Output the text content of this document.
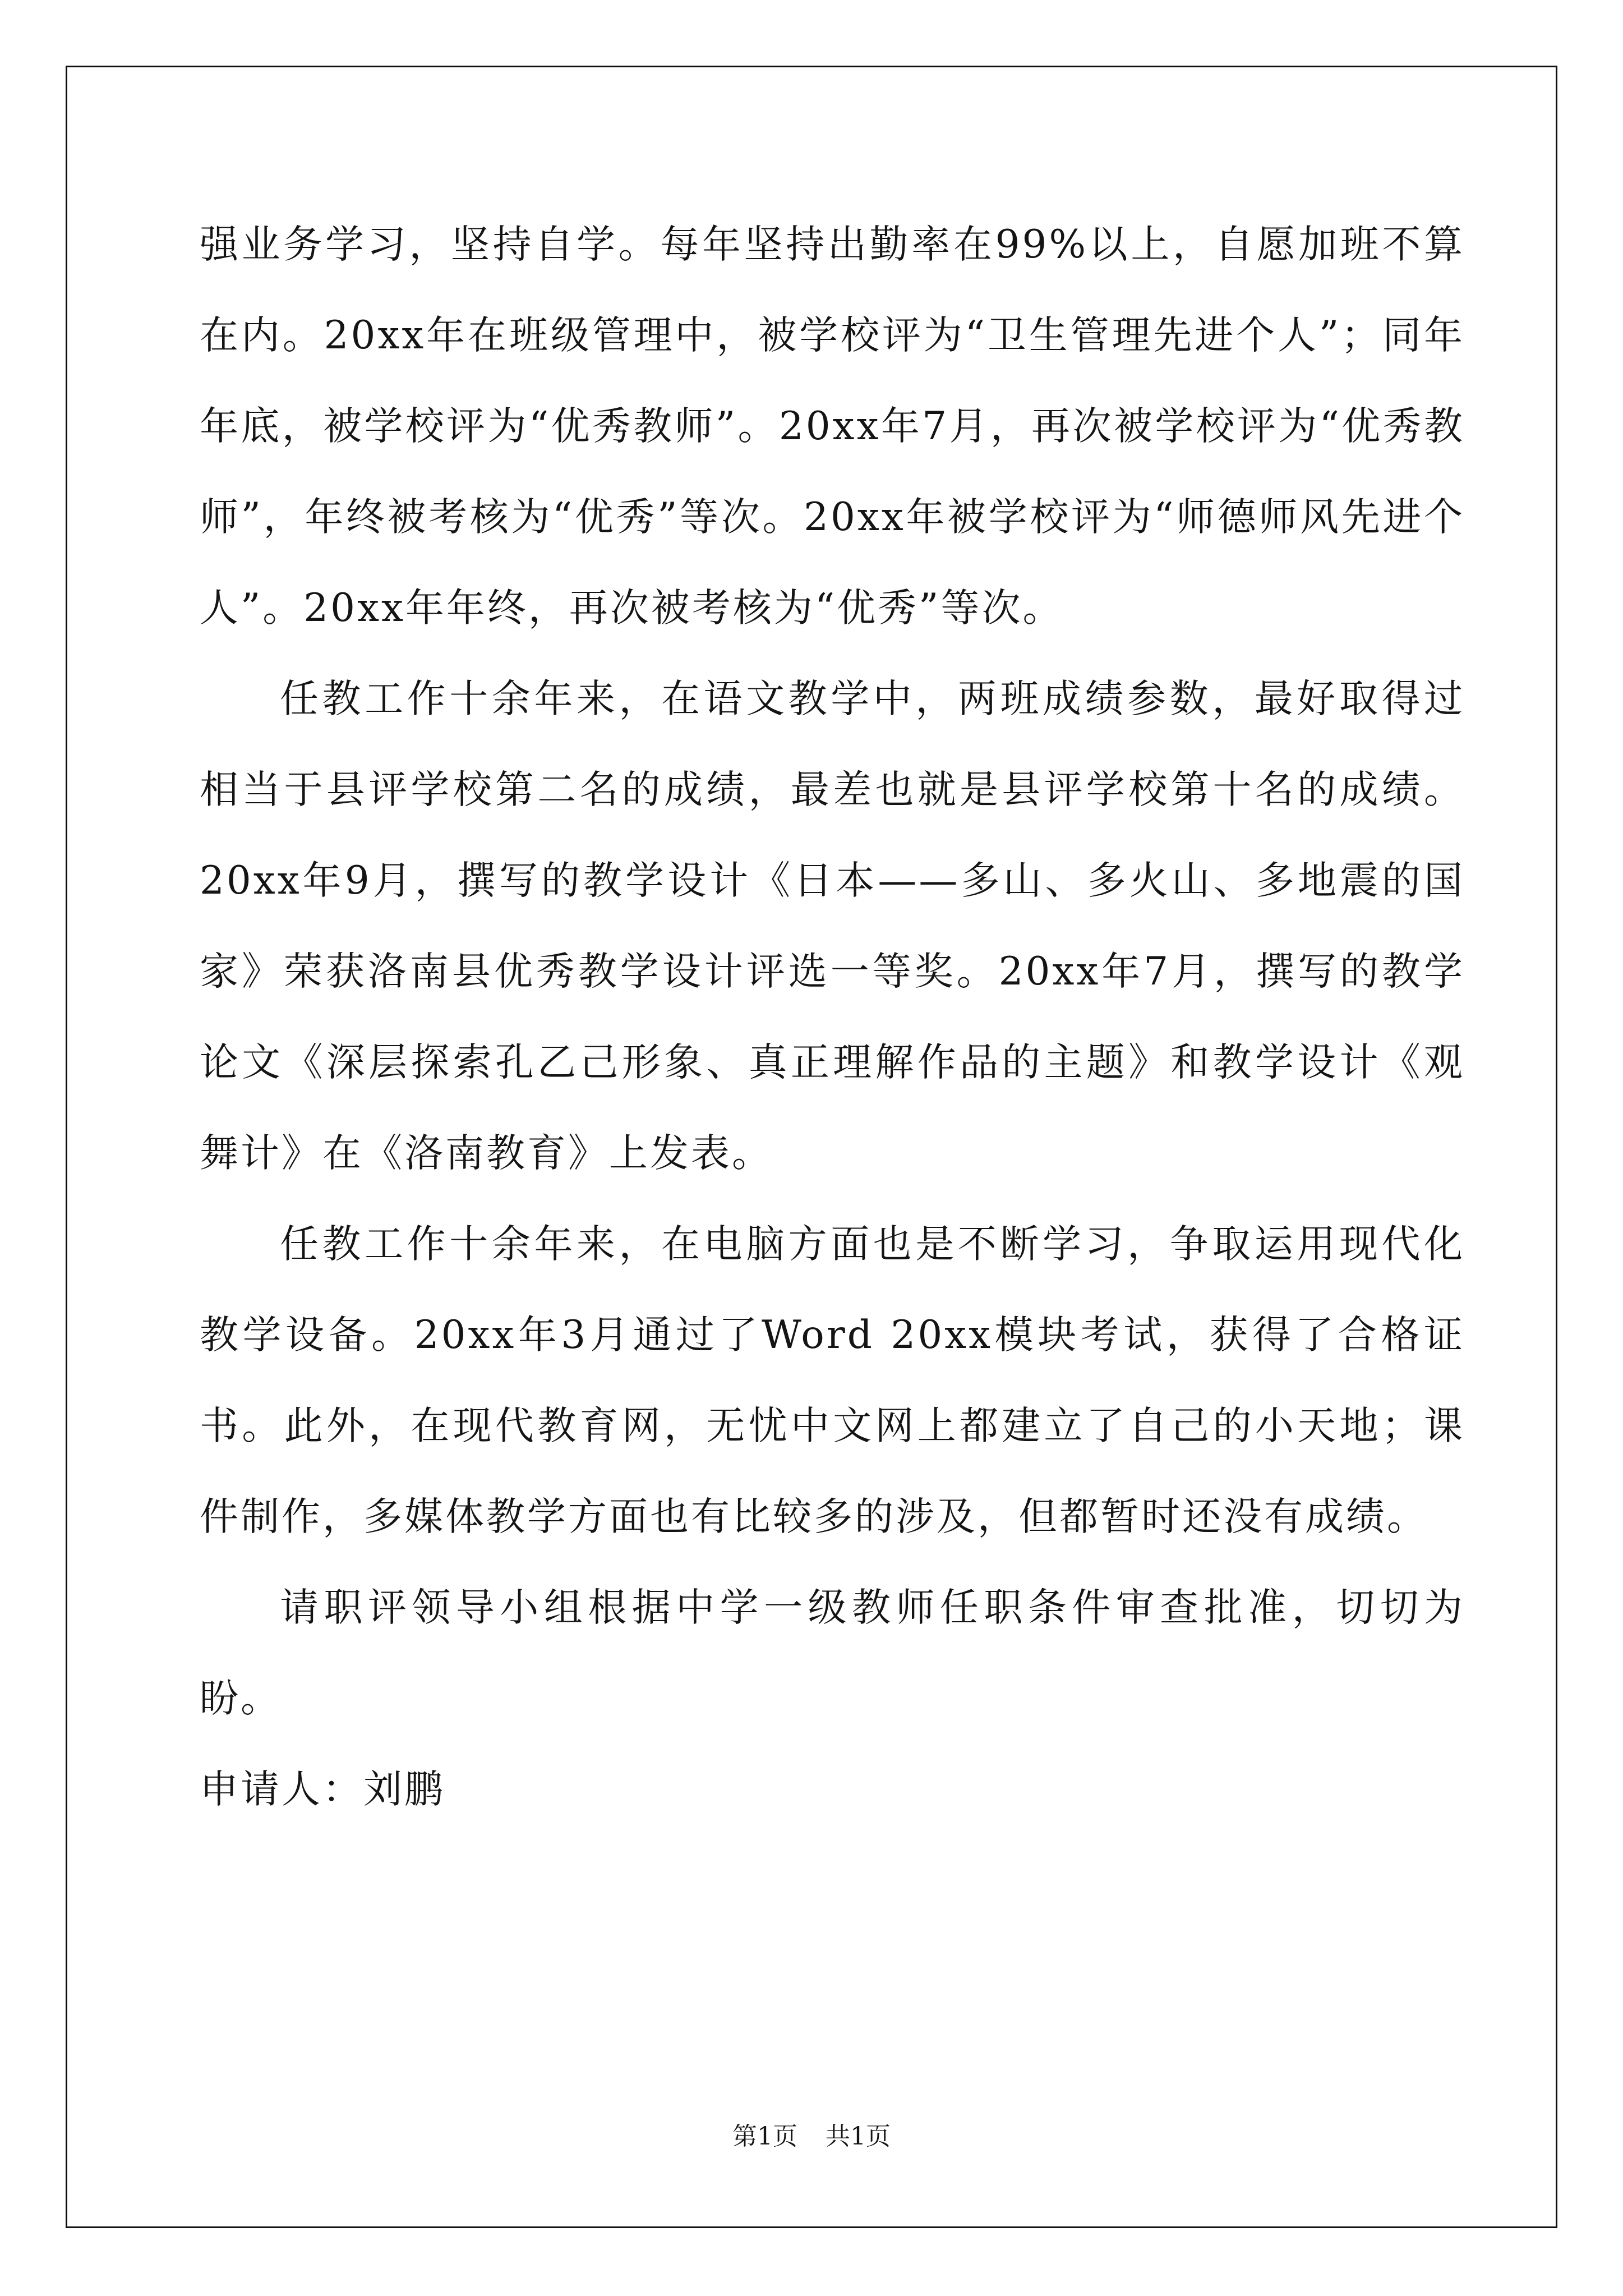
强业务学习，坚持自学。每年坚持出勤率在99%以上，自愿加班不算在内。20xx年在班级管理中，被学校评为“卫生管理先进个人”；同年年底，被学校评为“优秀教师”。20xx年7月，再次被学校评为“优秀教师”，年终被考核为“优秀”等次。20xx年被学校评为“师德师风先进个人”。20xx年年终，再次被考核为“优秀”等次。

任教工作十余年来，在语文教学中，两班成绩参数，最好取得过相当于县评学校第二名的成绩，最差也就是县评学校第十名的成绩。20xx年9月，撰写的教学设计《日本——多山、多火山、多地震的国家》荣获洛南县优秀教学设计评选一等奖。20xx年7月，撰写的教学论文《深层探索孔乙己形象、真正理解作品的主题》和教学设计《观舞计》在《洛南教育》上发表。

任教工作十余年来，在电脑方面也是不断学习，争取运用现代化教学设备。20xx年3月通过了Word 20xx模块考试，获得了合格证书。此外，在现代教育网，无忧中文网上都建立了自己的小天地；课件制作，多媒体教学方面也有比较多的涉及，但都暂时还没有成绩。

请职评领导小组根据中学一级教师任职条件审查批准，切切为盼。

申请人：刘鹏

第1页 共1页
